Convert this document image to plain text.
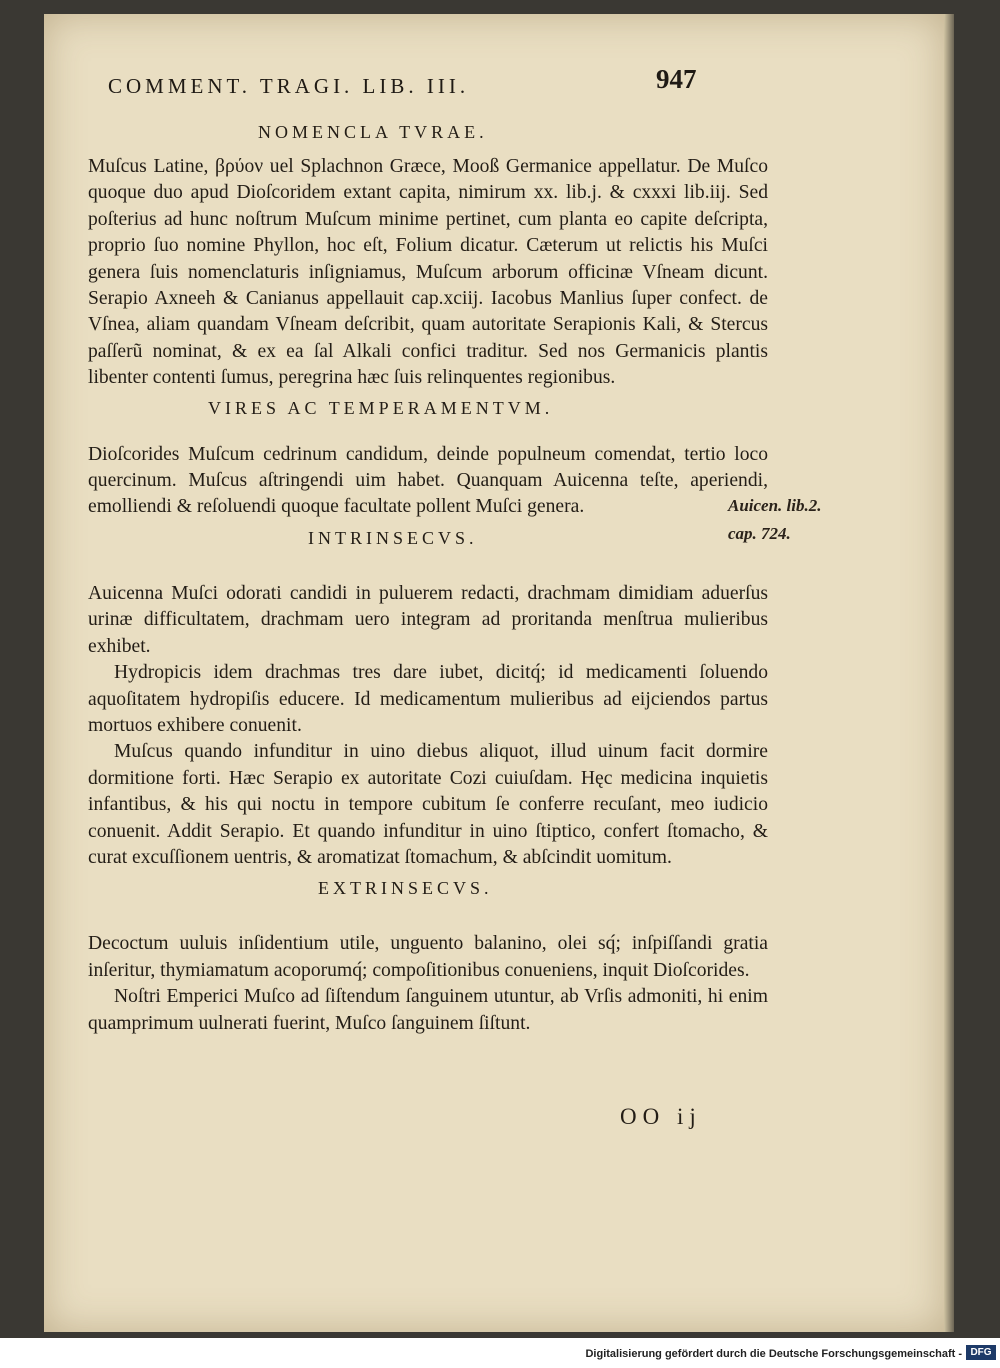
COMMENT. TRAGI. LIB. III.	947
NOMENCLA TVRAE.

Muſcus Latine, βρύον uel Splachnon Græce, Mooß Germanice appellatur. De Muſco quoque duo apud Dioſcoridem extant capita, nimirum xx. lib.j. & cxxxi lib.iij. Sed poſterius ad hunc noſtrum Muſcum minime pertinet, cum planta eo capite deſcripta, proprio ſuo nomine Phyllon, hoc eſt, Folium dicatur. Cæterum ut relictis his Muſci genera ſuis nomenclaturis inſigniamus, Muſcum arborum officinæ Vſneam dicunt. Serapio Axneeh & Canianus appellauit cap.xciij. Iacobus Manlius ſuper confect. de Vſnea, aliam quandam Vſneam deſcribit, quam autoritate Serapionis Kali, & Stercus paſſerũ nominat, & ex ea ſal Alkali confici traditur. Sed nos Germanicis plantis libenter contenti ſumus, peregrina hæc ſuis relinquentes regionibus.

VIRES AC TEMPERAMENTVM.

Dioſcorides Muſcum cedrinum candidum, deinde populneum comendat, tertio loco quercinum. Muſcus aſtringendi uim habet. Quanquam Auicenna teſte, aperiendi, emolliendi & reſoluendi quoque facultate pollent Muſci genera.

INTRINSECVS.

Auicenna Muſci odorati candidi in puluerem redacti, drachmam dimidiam aduerſus urinæ difficultatem, drachmam uero integram ad proritanda menſtrua mulieribus exhibet.

Hydropicis idem drachmas tres dare iubet, dicitq́; id medicamenti ſoluendo aquoſitatem hydropiſis educere. Id medicamentum mulieribus ad eijciendos partus mortuos exhibere conuenit.

Muſcus quando infunditur in uino diebus aliquot, illud uinum facit dormire dormitione forti. Hæc Serapio ex autoritate Cozi cuiuſdam. Hęc medicina inquietis infantibus, & his qui noctu in tempore cubitum ſe conferre recuſant, meo iudicio conuenit. Addit Serapio. Et quando infunditur in uino ſtiptico, confert ſtomacho, & curat excuſſionem uentris, & aromatizat ſtomachum, & abſcindit uomitum.

EXTRINSECVS.

Decoctum uuluis inſidentium utile, unguento balanino, olei sq́; inſpiſſandi gratia inſeritur, thymiamatum acoporumq́; compoſitionibus conueniens, inquit Dioſcorides.

Noſtri Emperici Muſco ad ſiſtendum ſanguinem utuntur, ab Vrſis admoniti, hi enim quamprimum uulnerati fuerint, Muſco ſanguinem ſiſtunt.

Auicen. lib.2.
cap. 724.
OO ij
Digitalisierung gefördert durch die Deutsche Forschungsgemeinschaft - DFG
